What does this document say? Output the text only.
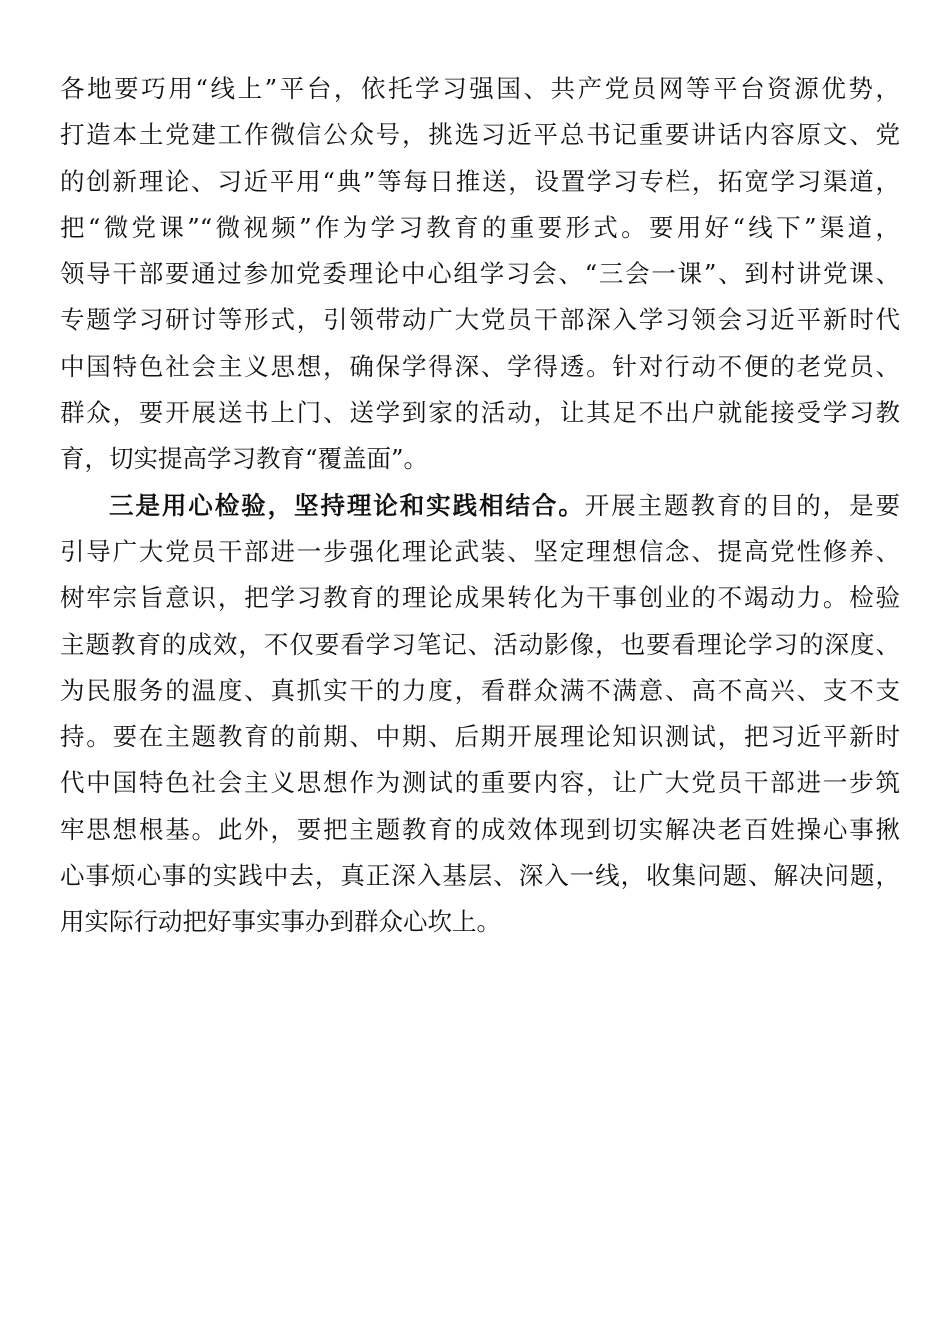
各地要巧用“线上”平台，依托学习强国、共产党员网等平台资源优势，
打造本土党建工作微信公众号，挑选习近平总书记重要讲话内容原文、党
的创新理论、习近平用“典”等每日推送，设置学习专栏，拓宽学习渠道，
把“微党课”“微视频”作为学习教育的重要形式。要用好“线下”渠道，
领导干部要通过参加党委理论中心组学习会、“三会一课”、到村讲党课、
专题学习研讨等形式，引领带动广大党员干部深入学习领会习近平新时代
中国特色社会主义思想，确保学得深、学得透。针对行动不便的老党员、
群众，要开展送书上门、送学到家的活动，让其足不出户就能接受学习教
育，切实提高学习教育“覆盖面”。
三是用心检验，坚持理论和实践相结合。开展主题教育的目的，是要
引导广大党员干部进一步强化理论武装、坚定理想信念、提高党性修养、
树牢宗旨意识，把学习教育的理论成果转化为干事创业的不竭动力。检验
主题教育的成效，不仅要看学习笔记、活动影像，也要看理论学习的深度、
为民服务的温度、真抓实干的力度，看群众满不满意、高不高兴、支不支
持。要在主题教育的前期、中期、后期开展理论知识测试，把习近平新时
代中国特色社会主义思想作为测试的重要内容，让广大党员干部进一步筑
牢思想根基。此外，要把主题教育的成效体现到切实解决老百姓操心事揪
心事烦心事的实践中去，真正深入基层、深入一线，收集问题、解决问题，
用实际行动把好事实事办到群众心坎上。
